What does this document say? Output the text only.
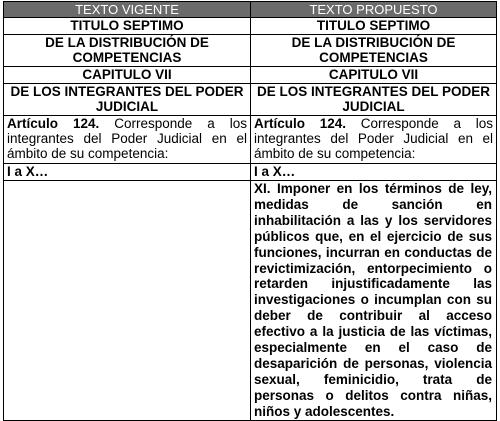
TEXTO VIGENTE	TEXTO PROPUESTO
TITULO SEPTIMO	TITULO SEPTIMO
DE LA DISTRIBUCIÓN DE COMPETENCIAS	DE LA DISTRIBUCIÓN DE COMPETENCIAS
CAPITULO VII	CAPITULO VII
DE LOS INTEGRANTES DEL PODER JUDICIAL	DE LOS INTEGRANTES DEL PODER JUDICIAL
Artículo 124. Corresponde a los integrantes del Poder Judicial en el ámbito de su competencia:	Artículo 124. Corresponde a los integrantes del Poder Judicial en el ámbito de su competencia:
I a X…	I a X…
	XI. Imponer en los términos de ley, medidas de sanción en inhabilitación a las y los servidores públicos que, en el ejercicio de sus funciones, incurran en conductas de revictimización, entorpecimiento o retarden injustificadamente las investigaciones o incumplan con su deber de contribuir al acceso efectivo a la justicia de las víctimas, especialmente en el caso de desaparición de personas, violencia sexual, feminicidio, trata de personas o delitos contra niñas, niños y adolescentes.
